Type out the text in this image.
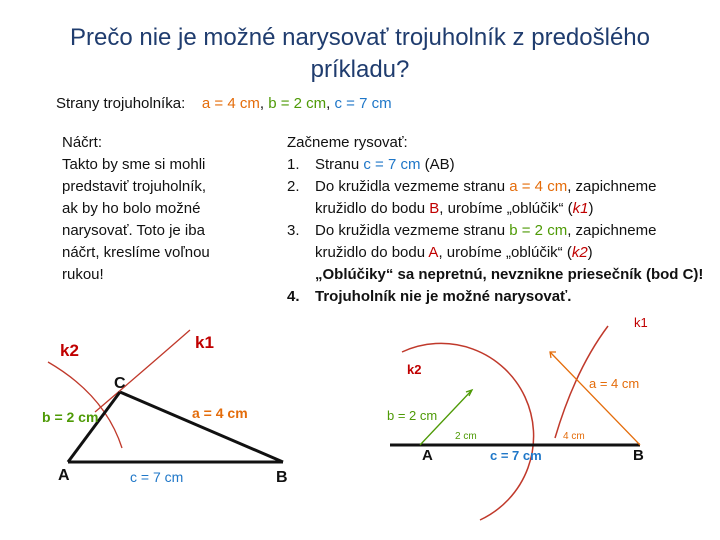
Prečo nie je možné narysovať trojuholník z predošlého príkladu?
Strany trojuholníka: a = 4 cm, b = 2 cm, c = 7 cm
Náčrt:
Takto by sme si mohli
predstaviť trojuholník,
ak by ho bolo možné
narysovať. Toto je iba
náčrt, kreslíme voľnou
rukou!
Začneme rysovať:
1. Stranu c = 7 cm (AB)
2. Do kružidla vezmeme stranu a = 4 cm, zapichneme kružidlo do bodu B, urobíme „oblúčik“ (k1)
3. Do kružidla vezmeme stranu b = 2 cm, zapichneme kružidlo do bodu A, urobíme „oblúčik“ (k2)
„Oblúčiky“ sa nepretnú, nevznikne priesečník (bod C)!
4. Trojuholník nie je možné narysovať.
k2	k1
C
b = 2 cm	a = 4 cm
A	c = 7 cm	B
k1
k2
a = 4 cm
b = 2 cm
2 cm	4 cm
A	c = 7 cm	B
